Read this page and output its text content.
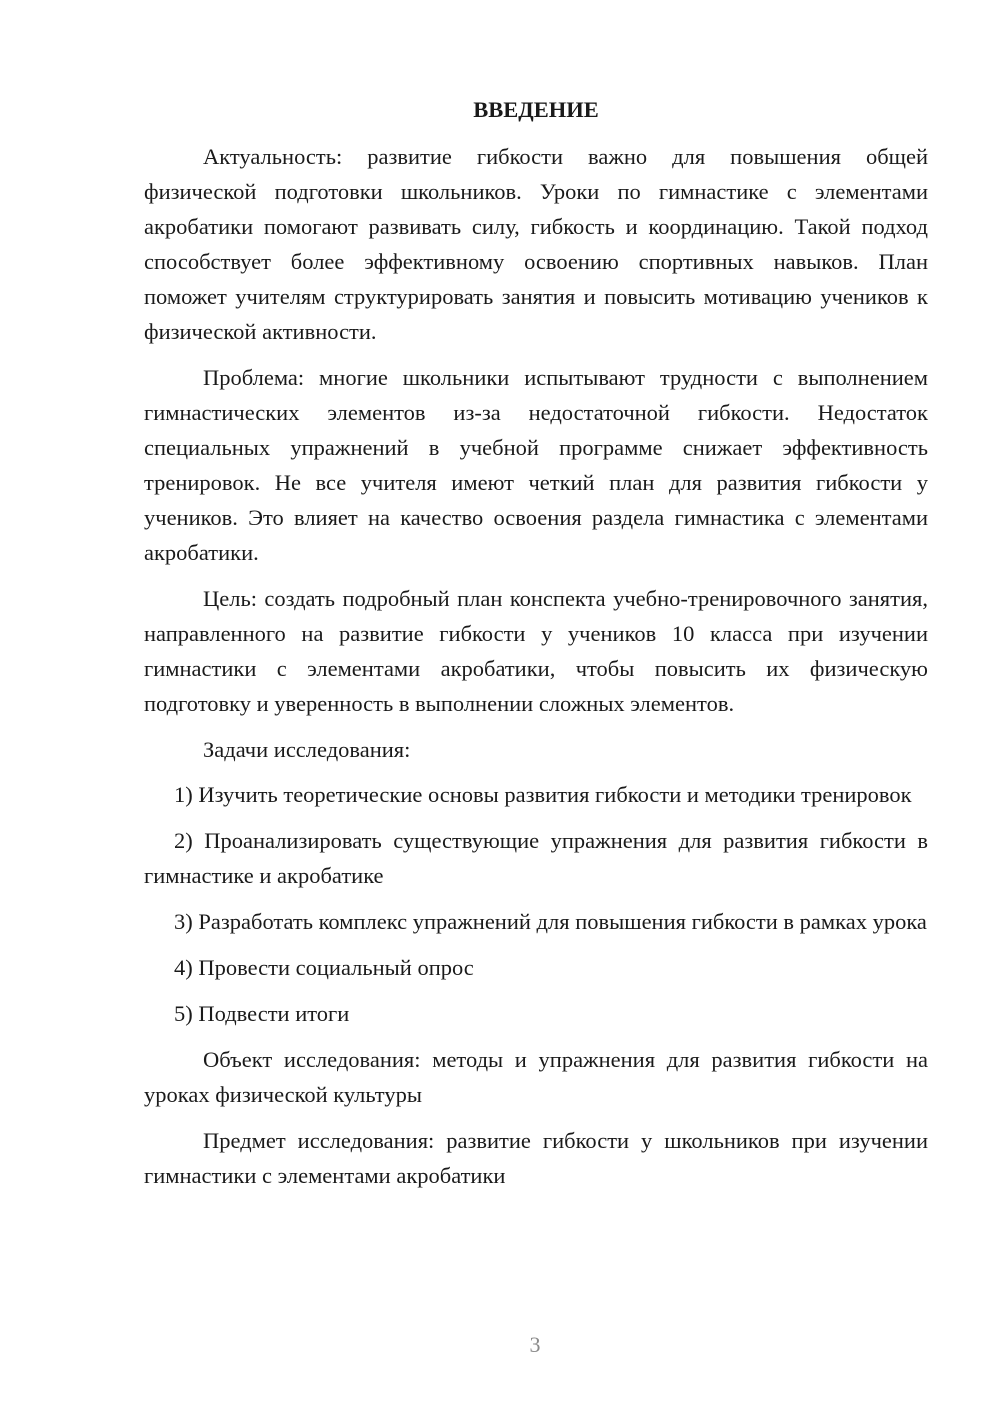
ВВЕДЕНИЕ

Актуальность: развитие гибкости важно для повышения общей физической подготовки школьников. Уроки по гимнастике с элементами акробатики помогают развивать силу, гибкость и координацию. Такой подход способствует более эффективному освоению спортивных навыков. План поможет учителям структурировать занятия и повысить мотивацию учеников к физической активности.

Проблема: многие школьники испытывают трудности с выполнением гимнастических элементов из-за недостаточной гибкости. Недостаток специальных упражнений в учебной программе снижает эффективность тренировок. Не все учителя имеют четкий план для развития гибкости у учеников. Это влияет на качество освоения раздела гимнастика с элементами акробатики.

Цель: создать подробный план конспекта учебно-тренировочного занятия, направленного на развитие гибкости у учеников 10 класса при изучении гимнастики с элементами акробатики, чтобы повысить их физическую подготовку и уверенность в выполнении сложных элементов.

Задачи исследования:

1) Изучить теоретические основы развития гибкости и методики тренировок

2) Проанализировать существующие упражнения для развития гибкости в гимнастике и акробатике

3) Разработать комплекс упражнений для повышения гибкости в рамках урока

4) Провести социальный опрос

5) Подвести итоги

Объект исследования: методы и упражнения для развития гибкости на уроках физической культуры

Предмет исследования: развитие гибкости у школьников при изучении гимнастики с элементами акробатики

3
